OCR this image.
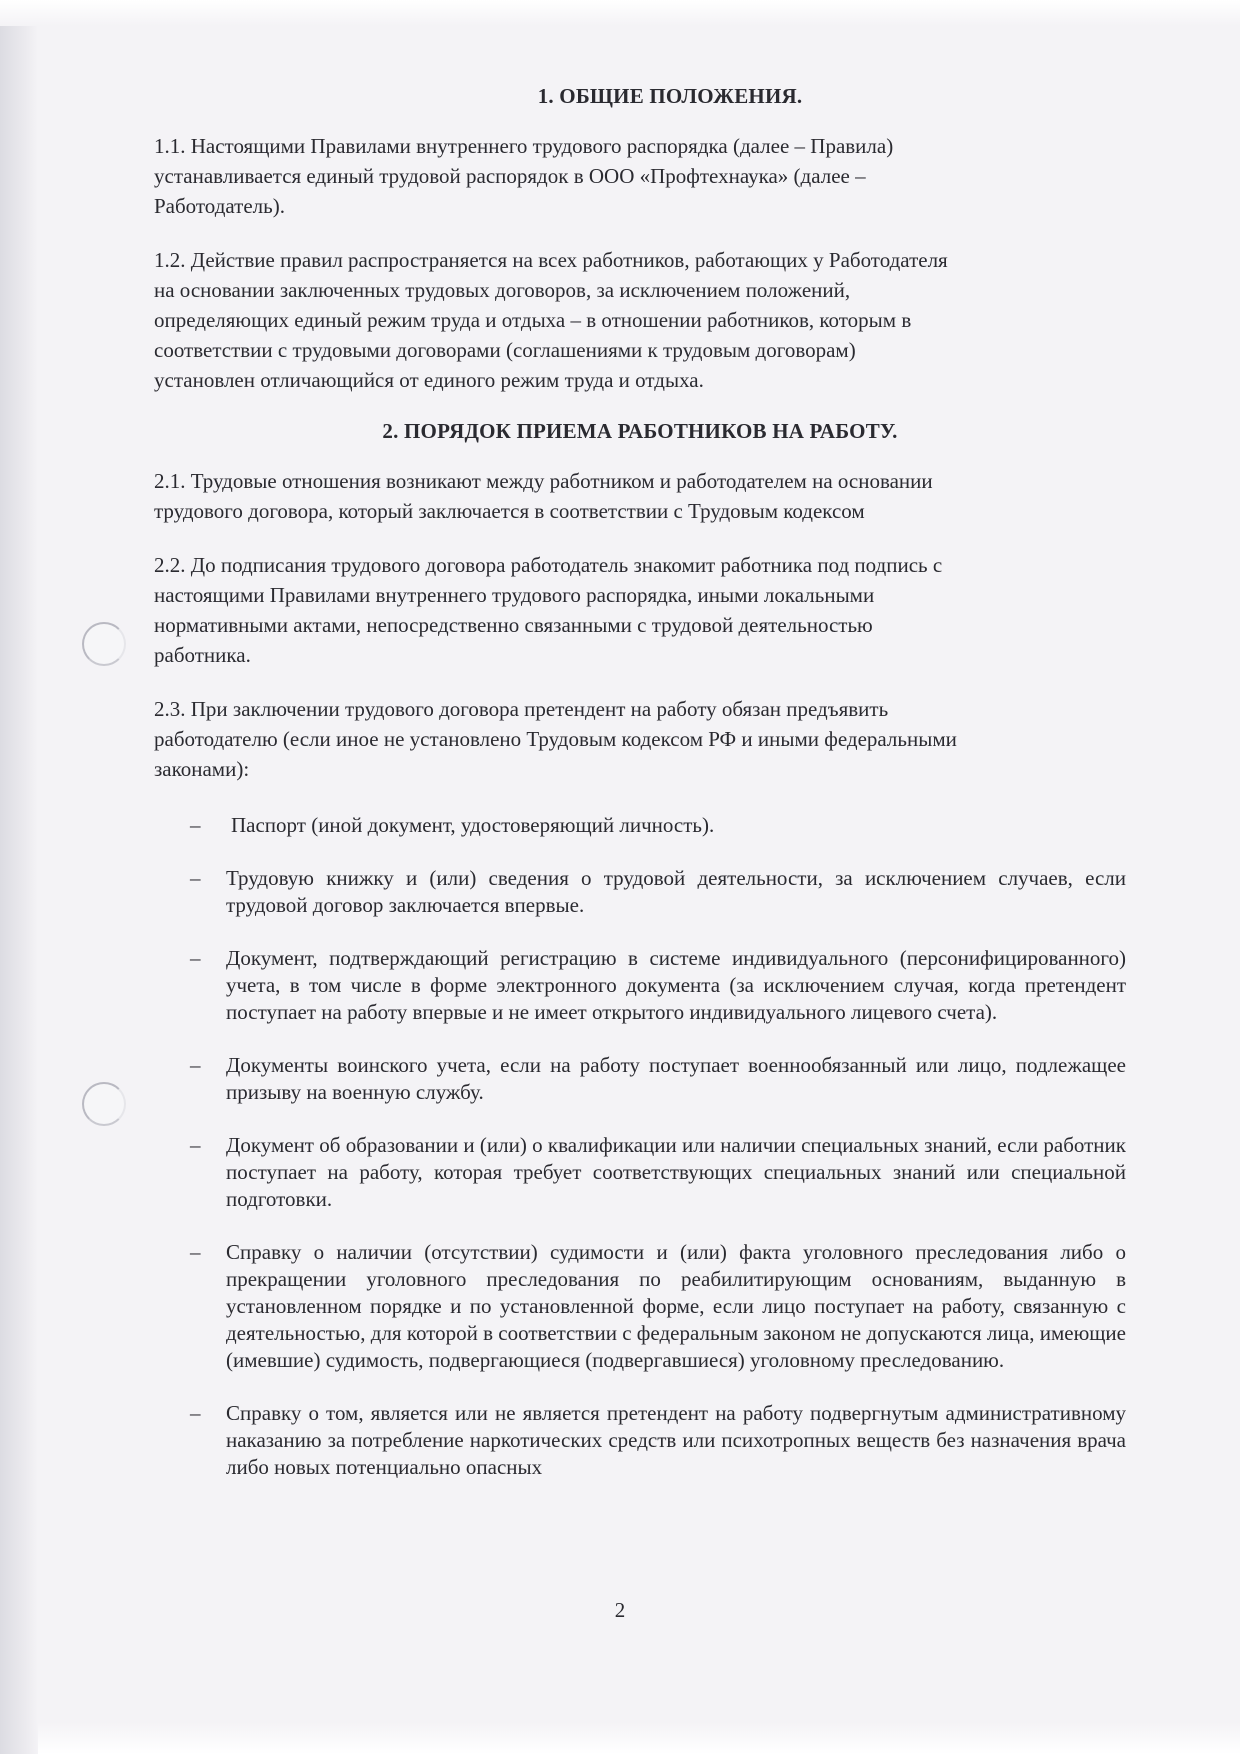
1. ОБЩИЕ ПОЛОЖЕНИЯ.

1.1. Настоящими Правилами внутреннего трудового распорядка (далее – Правила)
устанавливается единый трудовой распорядок в ООО «Профтехнаука» (далее –
Работодатель).

1.2. Действие правил распространяется на всех работников, работающих у Работодателя
на основании заключенных трудовых договоров, за исключением положений,
определяющих единый режим труда и отдыха – в отношении работников, которым в
соответствии с трудовыми договорами (соглашениями к трудовым договорам)
установлен отличающийся от единого режим труда и отдыха.

2. ПОРЯДОК ПРИЕМА РАБОТНИКОВ НА РАБОТУ.

2.1. Трудовые отношения возникают между работником и работодателем на основании
трудового договора, который заключается в соответствии с Трудовым кодексом

2.2. До подписания трудового договора работодатель знакомит работника под подпись с
настоящими Правилами внутреннего трудового распорядка, иными локальными
нормативными актами, непосредственно связанными с трудовой деятельностью
работника.

2.3. При заключении трудового договора претендент на работу обязан предъявить
работодателю (если иное не установлено Трудовым кодексом РФ и иными федеральными
законами):

– Паспорт (иной документ, удостоверяющий личность).
– Трудовую книжку и (или) сведения о трудовой деятельности, за исключением случаев, если трудовой договор заключается впервые.
– Документ, подтверждающий регистрацию в системе индивидуального (персонифицированного) учета, в том числе в форме электронного документа (за исключением случая, когда претендент поступает на работу впервые и не имеет открытого индивидуального лицевого счета).
– Документы воинского учета, если на работу поступает военнообязанный или лицо, подлежащее призыву на военную службу.
– Документ об образовании и (или) о квалификации или наличии специальных знаний, если работник поступает на работу, которая требует соответствующих специальных знаний или специальной подготовки.
– Справку о наличии (отсутствии) судимости и (или) факта уголовного преследования либо о прекращении уголовного преследования по реабилитирующим основаниям, выданную в установленном порядке и по установленной форме, если лицо поступает на работу, связанную с деятельностью, для которой в соответствии с федеральным законом не допускаются лица, имеющие (имевшие) судимость, подвергающиеся (подвергавшиеся) уголовному преследованию.
– Справку о том, является или не является претендент на работу подвергнутым административному наказанию за потребление наркотических средств или психотропных веществ без назначения врача либо новых потенциально опасных
2
